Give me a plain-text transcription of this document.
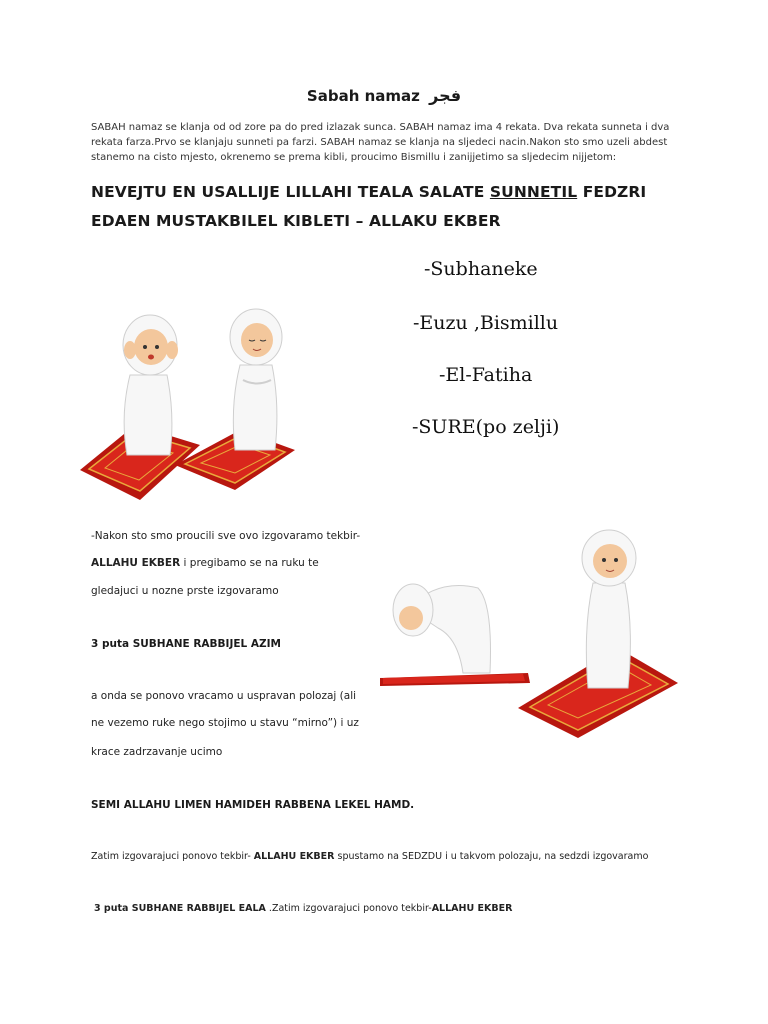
Sabah namaz فجر
SABAH namaz se klanja od od zore pa do pred izlazak sunca. SABAH namaz ima 4 rekata. Dva rekata sunneta i dva rekata farza.Prvo se klanjaju sunneti pa farzi. SABAH namaz se klanja na sljedeci nacin.Nakon sto smo uzeli abdest stanemo na cisto mjesto, okrenemo se prema kibli, proucimo Bismillu i zanijjetimo sa sljedecim nijjetom:
NEVEJTU EN USALLIJE LILLAHI TEALA SALATE SUNNETIL FEDZRI EDAEN MUSTAKBILEL KIBLETI – ALLAKU EKBER
-Subhaneke
-Euzu ,Bismillu
-El-Fatiha
-SURE(po zelji)
-Nakon sto smo proucili sve ovo izgovaramo tekbir-
ALLAHU EKBER i pregibamo se na ruku te
gledajuci u nozne prste izgovaramo
3 puta SUBHANE RABBIJEL AZIM
a onda se ponovo vracamo u uspravan polozaj (ali
ne vezemo ruke nego stojimo u stavu “mirno”) i uz
krace zadrzavanje ucimo
SEMI ALLAHU LIMEN HAMIDEH RABBENA LEKEL HAMD.
Zatim izgovarajuci ponovo tekbir- ALLAHU EKBER spustamo na SEDZDU i u takvom polozaju, na sedzdi izgovaramo
3 puta SUBHANE RABBIJEL EALA .Zatim izgovarajuci ponovo tekbir-ALLAHU EKBER
